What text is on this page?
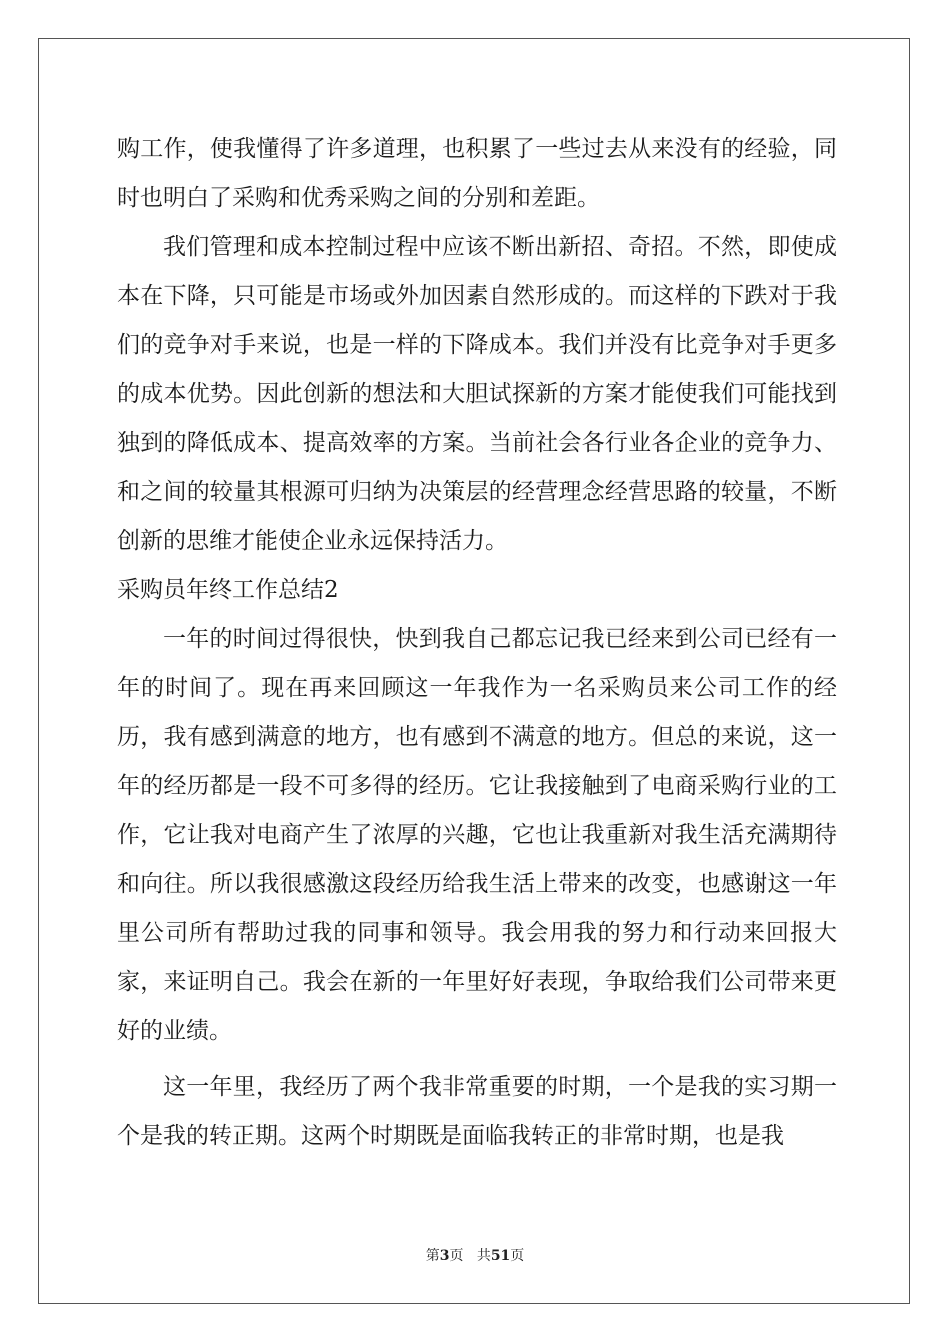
购工作，使我懂得了许多道理，也积累了一些过去从来没有的经验，同时也明白了采购和优秀采购之间的分别和差距。

我们管理和成本控制过程中应该不断出新招、奇招。不然，即使成本在下降，只可能是市场或外加因素自然形成的。而这样的下跌对于我们的竞争对手来说，也是一样的下降成本。我们并没有比竞争对手更多的成本优势。因此创新的想法和大胆试探新的方案才能使我们可能找到独到的降低成本、提高效率的方案。当前社会各行业各企业的竞争力、和之间的较量其根源可归纳为决策层的经营理念经营思路的较量，不断创新的思维才能使企业永远保持活力。

采购员年终工作总结2

一年的时间过得很快，快到我自己都忘记我已经来到公司已经有一年的时间了。现在再来回顾这一年我作为一名采购员来公司工作的经历，我有感到满意的地方，也有感到不满意的地方。但总的来说，这一年的经历都是一段不可多得的经历。它让我接触到了电商采购行业的工作，它让我对电商产生了浓厚的兴趣，它也让我重新对我生活充满期待和向往。所以我很感激这段经历给我生活上带来的改变，也感谢这一年里公司所有帮助过我的同事和领导。我会用我的努力和行动来回报大家，来证明自己。我会在新的一年里好好表现，争取给我们公司带来更好的业绩。

这一年里，我经历了两个我非常重要的时期，一个是我的实习期一个是我的转正期。这两个时期既是面临我转正的非常时期，也是我

第3页 共51页
